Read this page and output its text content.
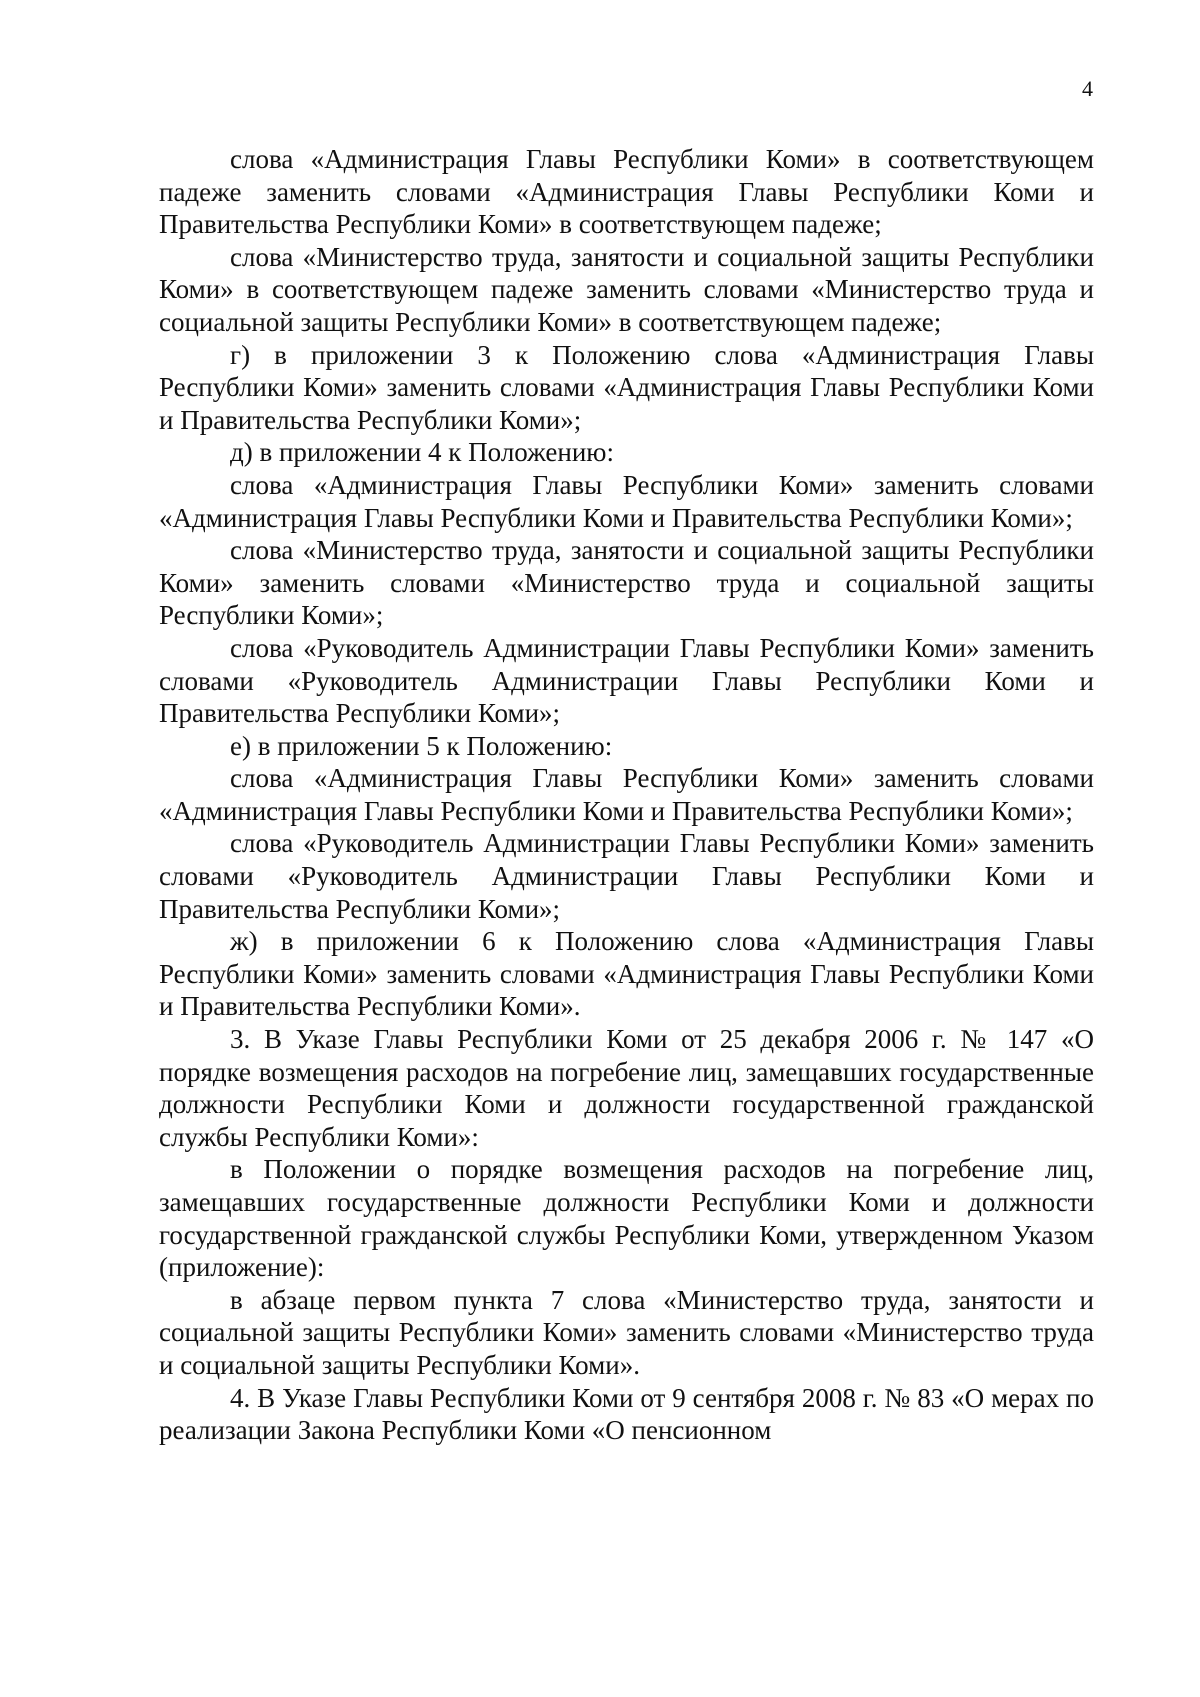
4

слова «Администрация Главы Республики Коми» в соответствующем падеже заменить словами «Администрация Главы Республики Коми и Правительства Республики Коми» в соответствующем падеже;

слова «Министерство труда, занятости и социальной защиты Республики Коми» в соответствующем падеже заменить словами «Министерство труда и социальной защиты Республики Коми» в соответствующем падеже;

г) в приложении 3 к Положению слова «Администрация Главы Республики Коми» заменить словами «Администрация Главы Республики Коми и Правительства Республики Коми»;

д) в приложении 4 к Положению:

слова «Администрация Главы Республики Коми» заменить словами «Администрация Главы Республики Коми и Правительства Республики Коми»;

слова «Министерство труда, занятости и социальной защиты Республики Коми» заменить словами «Министерство труда и социальной защиты Республики Коми»;

слова «Руководитель Администрации Главы Республики Коми» заменить словами «Руководитель Администрации Главы Республики Коми и Правительства Республики Коми»;

е) в приложении 5 к Положению:

слова «Администрация Главы Республики Коми» заменить словами «Администрация Главы Республики Коми и Правительства Республики Коми»;

слова «Руководитель Администрации Главы Республики Коми» заменить словами «Руководитель Администрации Главы Республики Коми и Правительства Республики Коми»;

ж) в приложении 6 к Положению слова «Администрация Главы Республики Коми» заменить словами «Администрация Главы Республики Коми и Правительства Республики Коми».

3. В Указе Главы Республики Коми от 25 декабря 2006 г. № 147 «О порядке возмещения расходов на погребение лиц, замещавших государственные должности Республики Коми и должности государственной гражданской службы Республики Коми»:

в Положении о порядке возмещения расходов на погребение лиц, замещавших государственные должности Республики Коми и должности государственной гражданской службы Республики Коми, утвержденном Указом (приложение):

в абзаце первом пункта 7 слова «Министерство труда, занятости и социальной защиты Республики Коми» заменить словами «Министерство труда и социальной защиты Республики Коми».

4. В Указе Главы Республики Коми от 9 сентября 2008 г. № 83 «О мерах по реализации Закона Республики Коми «О пенсионном
